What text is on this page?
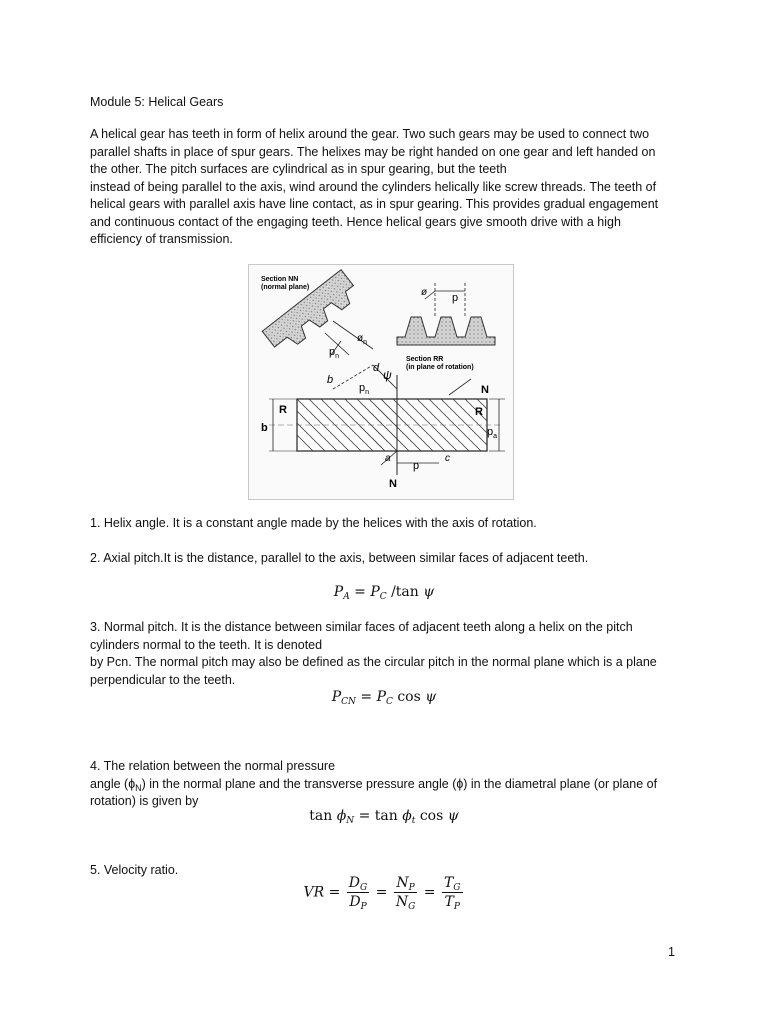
Module 5: Helical Gears

A helical gear has teeth in form of helix around the gear. Two such gears may be used to connect two
parallel shafts in place of spur gears. The helixes may be right handed on one gear and left handed on
the other. The pitch surfaces are cylindrical as in spur gearing, but the teeth
instead of being parallel to the axis, wind around the cylinders helically like screw threads. The teeth of
helical gears with parallel axis have line contact, as in spur gearing. This provides gradual engagement
and continuous contact of the engaging teeth. Hence helical gears give smooth drive with a high
efficiency of transmission.
Section NN
(normal plane)
$p_n$
$ø_n$
ø p
Section RR
(in plane of rotation)
d ψ
b
$p_n$	N
R	R
b	$p_a$
a
p
c
N

1. Helix angle. It is a constant angle made by the helices with the axis of rotation.

2. Axial pitch.It is the distance, parallel to the axis, between similar faces of adjacent teeth.

$P_A = P_C$ /tan ψ
3. Normal pitch. It is the distance between similar faces of adjacent teeth along a helix on the pitch
cylinders normal to the teeth. It is denoted
by Pcn. The normal pitch may also be defined as the circular pitch in the normal plane which is a plane
perpendicular to the teeth.
$P_{CN} = P_C$ cos ψ
4. The relation between the normal pressure
angle (ɸ$_N$) in the normal plane and the transverse pressure angle (ɸ) in the diametral plane (or plane of
rotation) is given by
$\tan \phi_N = \tan \phi_t$ cos ψ

5. Velocity ratio.

VR = $\frac{D_G}{D_P} = \frac{N_P}{N_G} = \frac{T_G}{T_P}$
1
